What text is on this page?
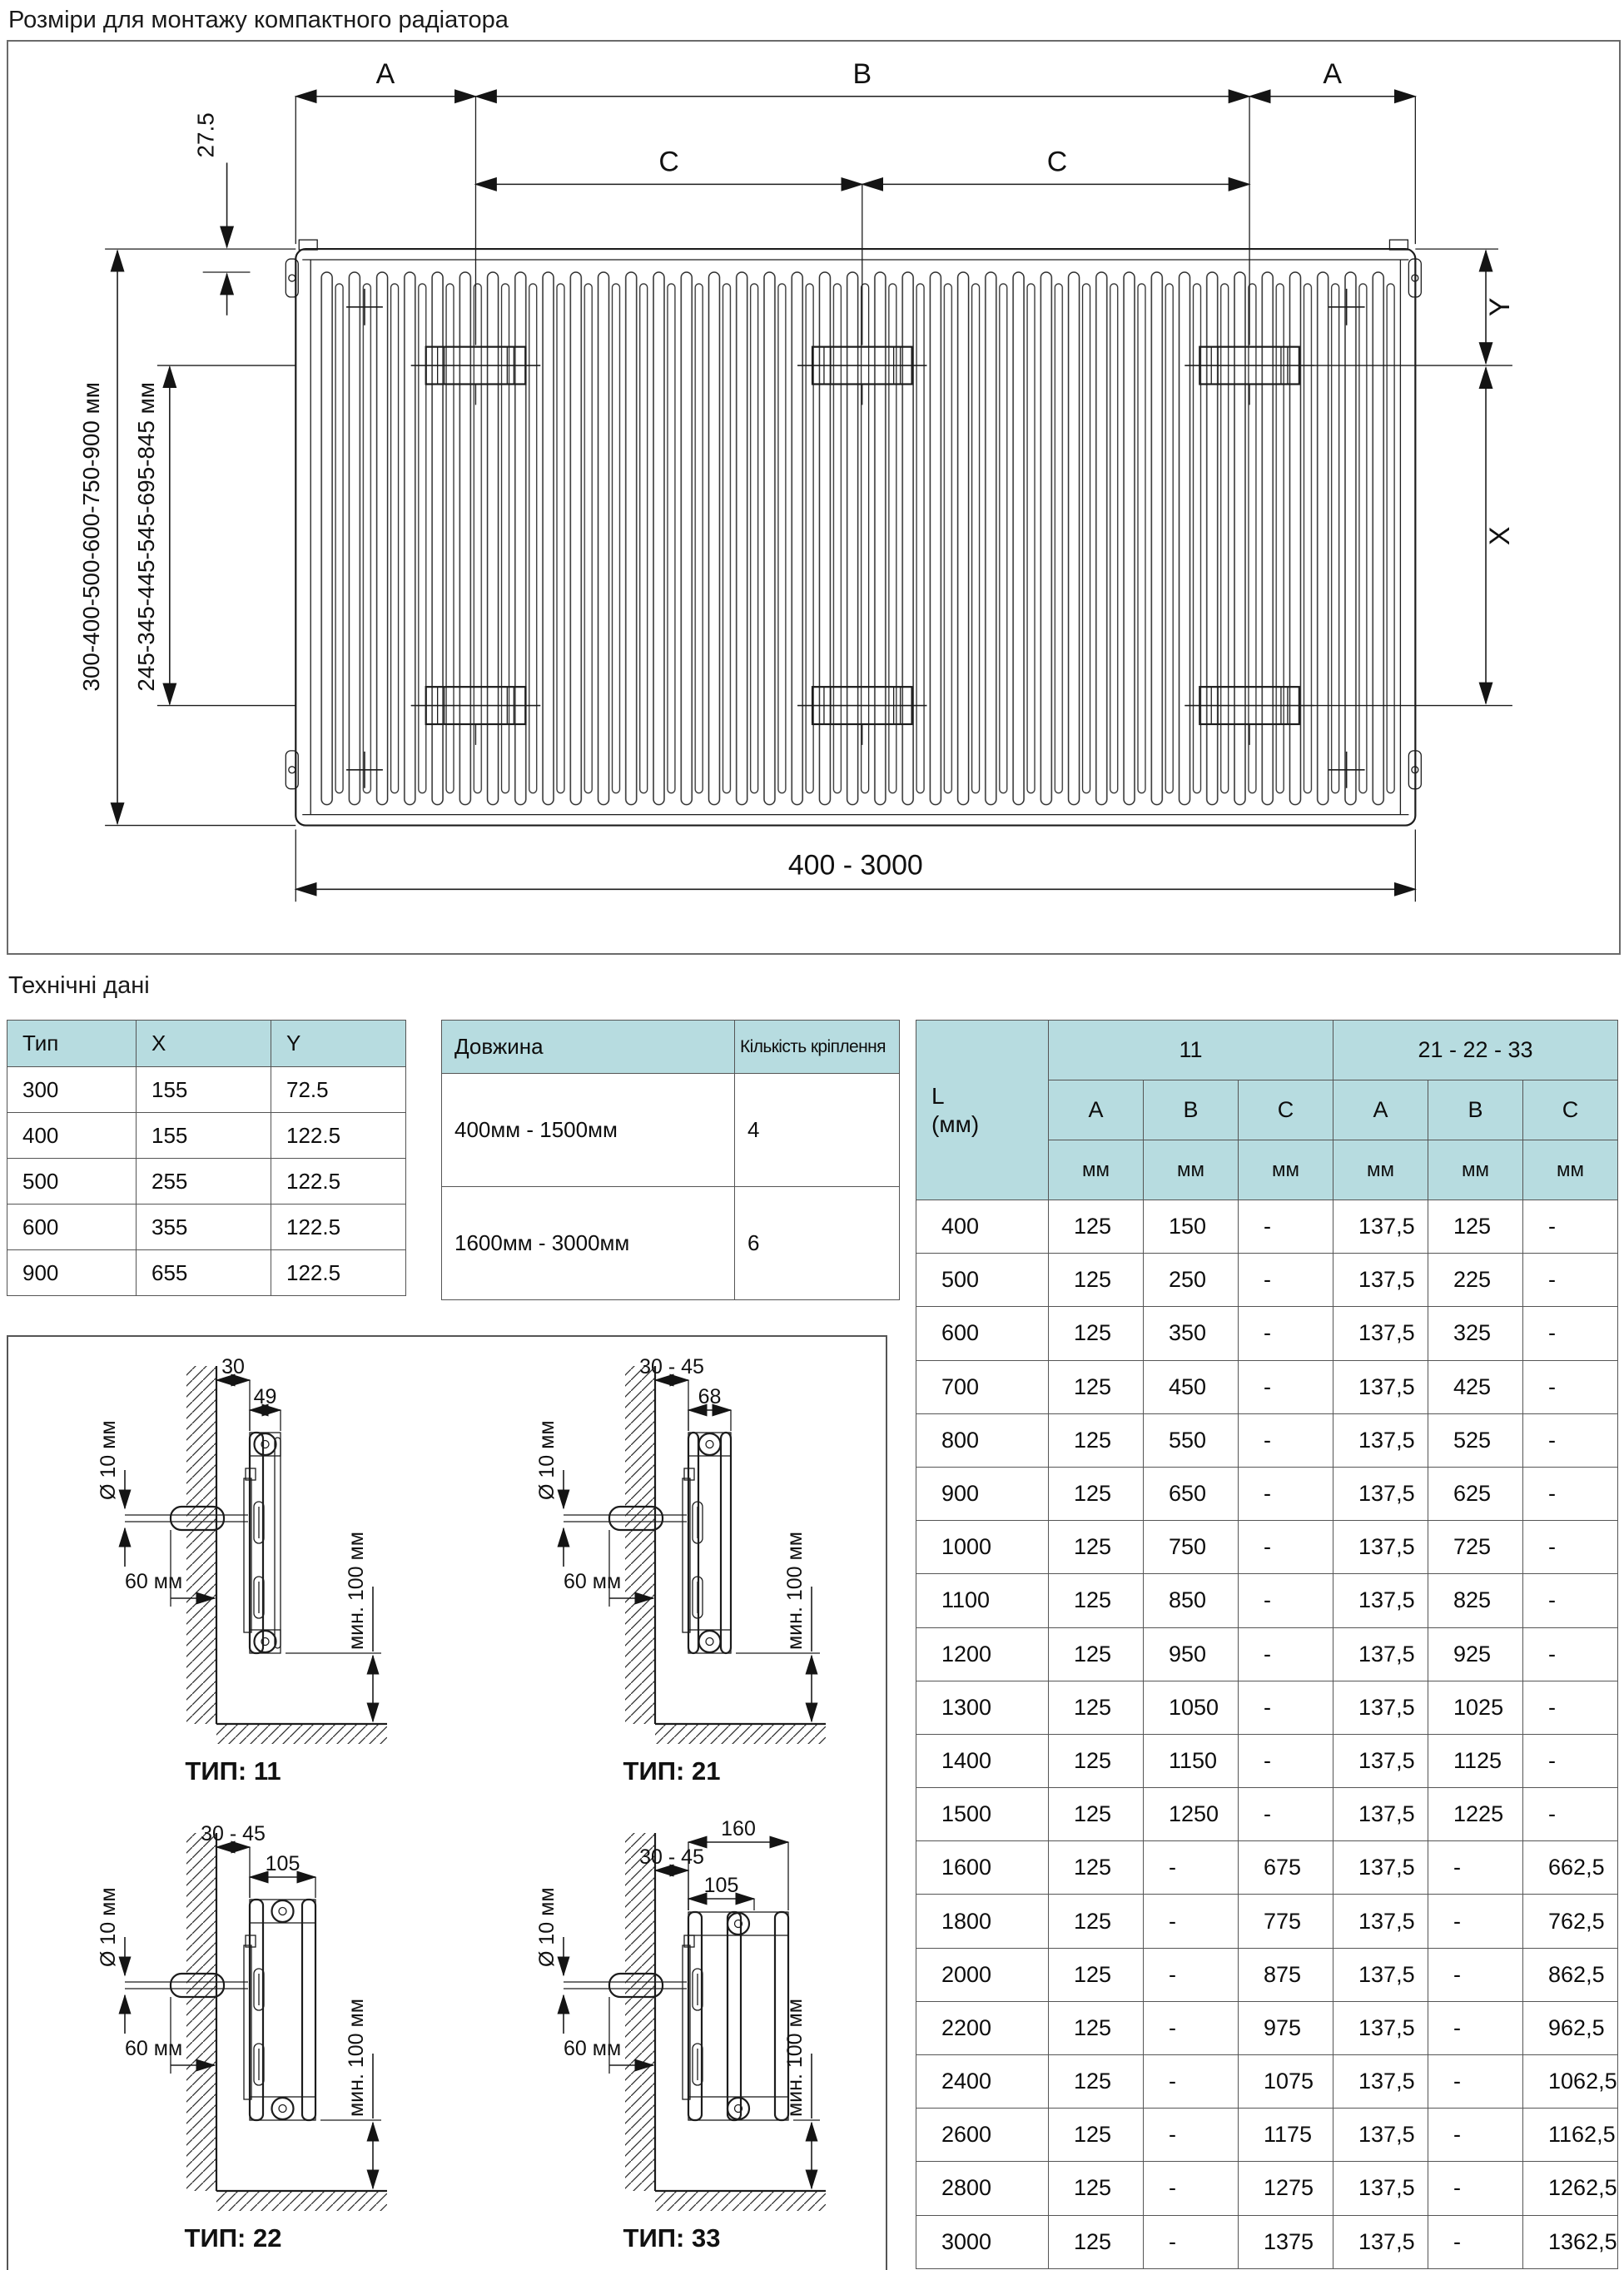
Розміри для монтажу компактного радіатора
A	B	A
C	C
27.5
300-400-500-600-750-900 мм 245-345-445-545-695-845 мм
Y
X
400 - 3000
Технічні дані
Тип	X	Y
300	155	72.5
400	155	122.5
500	255	122.5
600	355	122.5
900	655	122.5
Довжина	Кількість кріплення
400мм - 1500мм	4
1600мм - 3000мм	6
L
(мм)	11			21 - 22 - 33		
	A	B	C	A	B	C
	мм	мм	мм	мм	мм	мм
400	125	150	-	137,5	125	-
500	125	250	-	137,5	225	-
600	125	350	-	137,5	325	-
700	125	450	-	137,5	425	-
800	125	550	-	137,5	525	-
900	125	650	-	137,5	625	-
1000	125	750	-	137,5	725	-
1100	125	850	-	137,5	825	-
1200	125	950	-	137,5	925	-
1300	125	1050	-	137,5	1025	-
1400	125	1150	-	137,5	1125	-
1500	125	1250	-	137,5	1225	-
1600	125	-	675	137,5	-	662,5
1800	125	-	775	137,5	-	762,5
2000	125	-	875	137,5	-	862,5
2200	125	-	975	137,5	-	962,5
2400	125	-	1075	137,5	-	1062,5
2600	125	-	1175	137,5	-	1162,5
2800	125	-	1275	137,5	-	1262,5
3000	125	-	1375	137,5	-	1362,5
Ø 10 мм
60 мм	мин. 100 мм
30
49
ТИП: 11
Ø 10 мм
60 мм	мин. 100 мм
30 - 45
68
ТИП: 21
Ø 10 мм
60 мм	мин. 100 мм
30 - 45
105
ТИП: 22
Ø 10 мм
60 мм	мин. 100 мм
160
30 - 45
105
ТИП: 33
